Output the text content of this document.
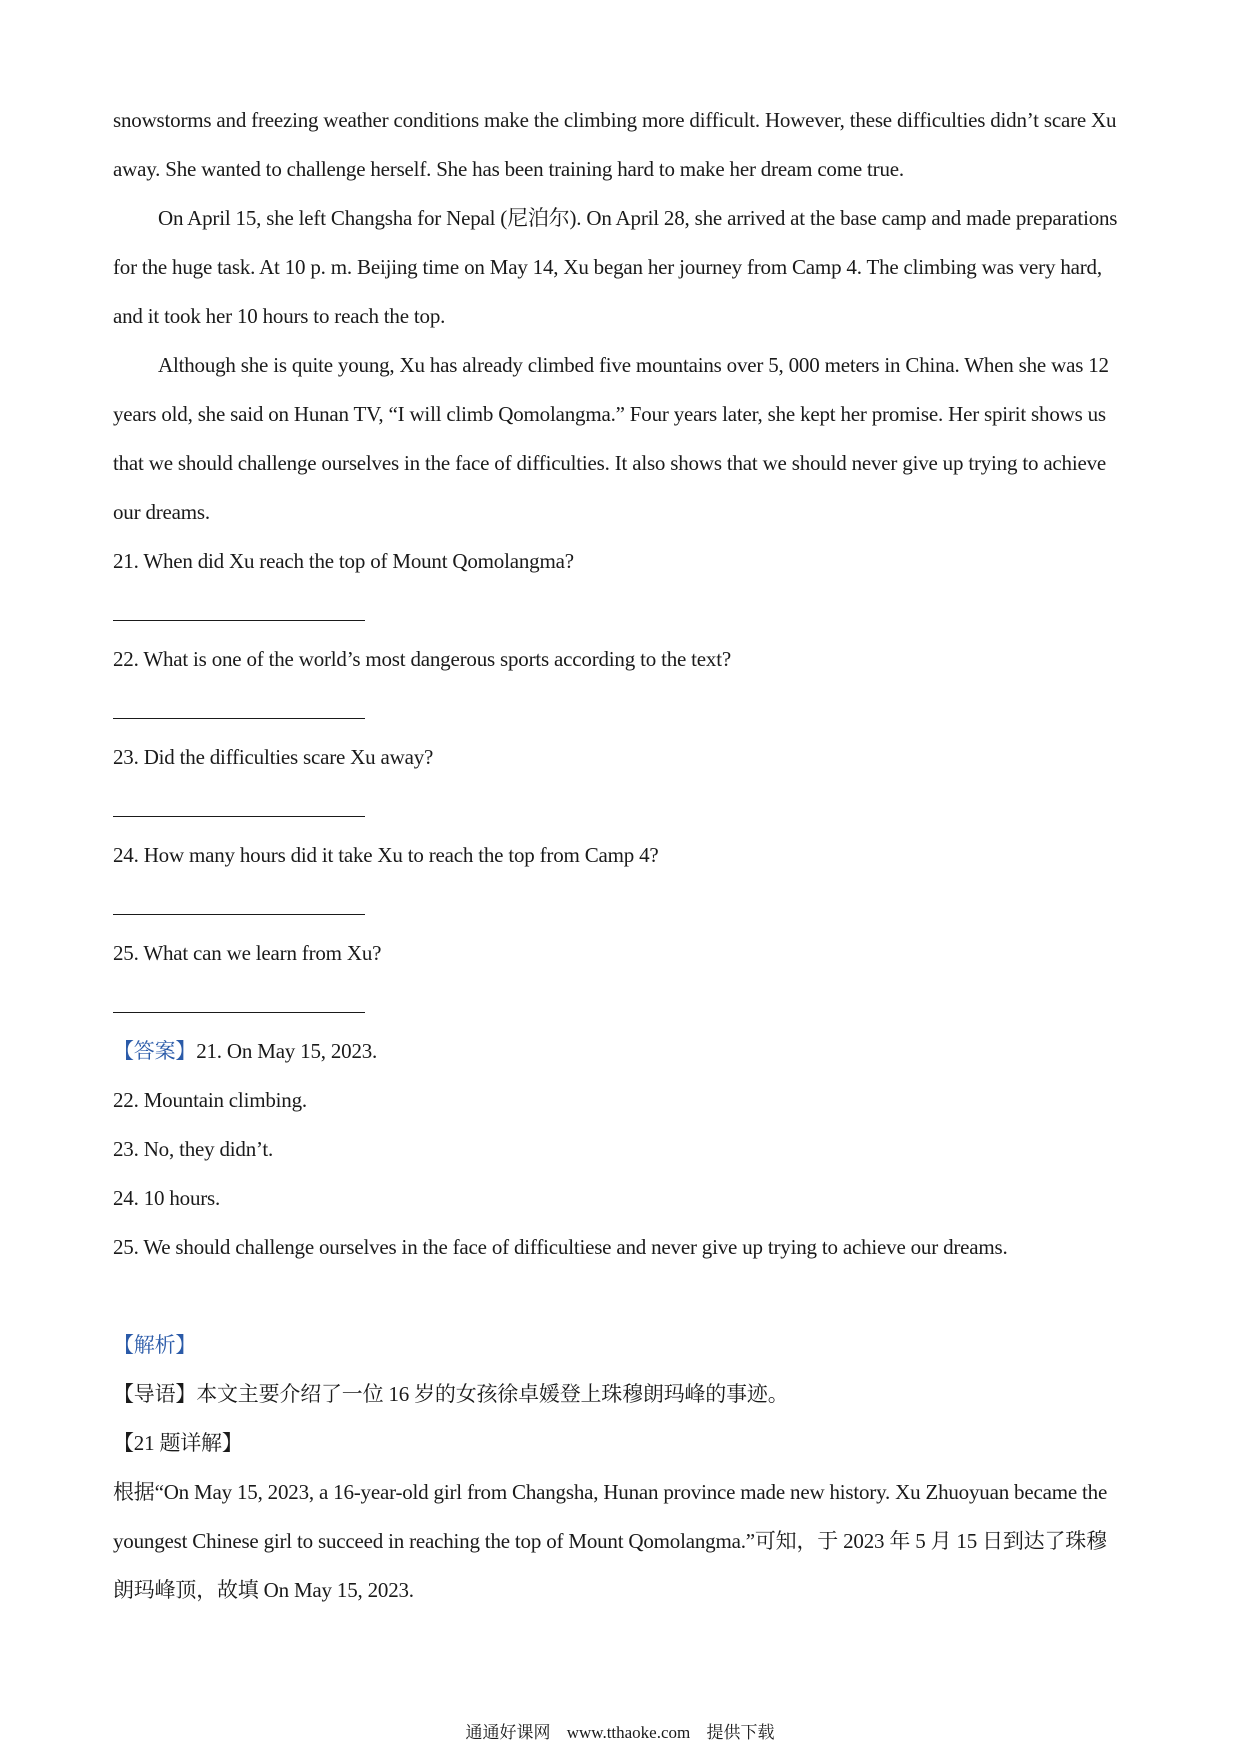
snowstorms and freezing weather conditions make the climbing more difficult. However, these difficulties didn’t scare Xu away. She wanted to challenge herself. She has been training hard to make her dream come true.

On April 15, she left Changsha for Nepal (尼泊尔). On April 28, she arrived at the base camp and made preparations for the huge task. At 10 p. m. Beijing time on May 14, Xu began her journey from Camp 4. The climbing was very hard, and it took her 10 hours to reach the top.

Although she is quite young, Xu has already climbed five mountains over 5, 000 meters in China. When she was 12 years old, she said on Hunan TV, “I will climb Qomolangma.” Four years later, she kept her promise. Her spirit shows us that we should challenge ourselves in the face of difficulties. It also shows that we should never give up trying to achieve our dreams.

21. When did Xu reach the top of Mount Qomolangma?

22. What is one of the world’s most dangerous sports according to the text?

23. Did the difficulties scare Xu away?

24. How many hours did it take Xu to reach the top from Camp 4?

25. What can we learn from Xu?

【答案】21. On May 15, 2023.

22. Mountain climbing.

23. No, they didn’t.

24. 10 hours.

25. We should challenge ourselves in the face of difficultiese and never give up trying to achieve our dreams.

【解析】

【导语】本文主要介绍了一位 16 岁的女孩徐卓媛登上珠穆朗玛峰的事迹。

【21 题详解】

根据“On May 15, 2023, a 16-year-old girl from Changsha, Hunan province made new history. Xu Zhuoyuan became the youngest Chinese girl to succeed in reaching the top of Mount Qomolangma.”可知，于 2023 年 5 月 15 日到达了珠穆朗玛峰顶，故填 On May 15, 2023.

通通好课网 www.tthaoke.com 提供下载
